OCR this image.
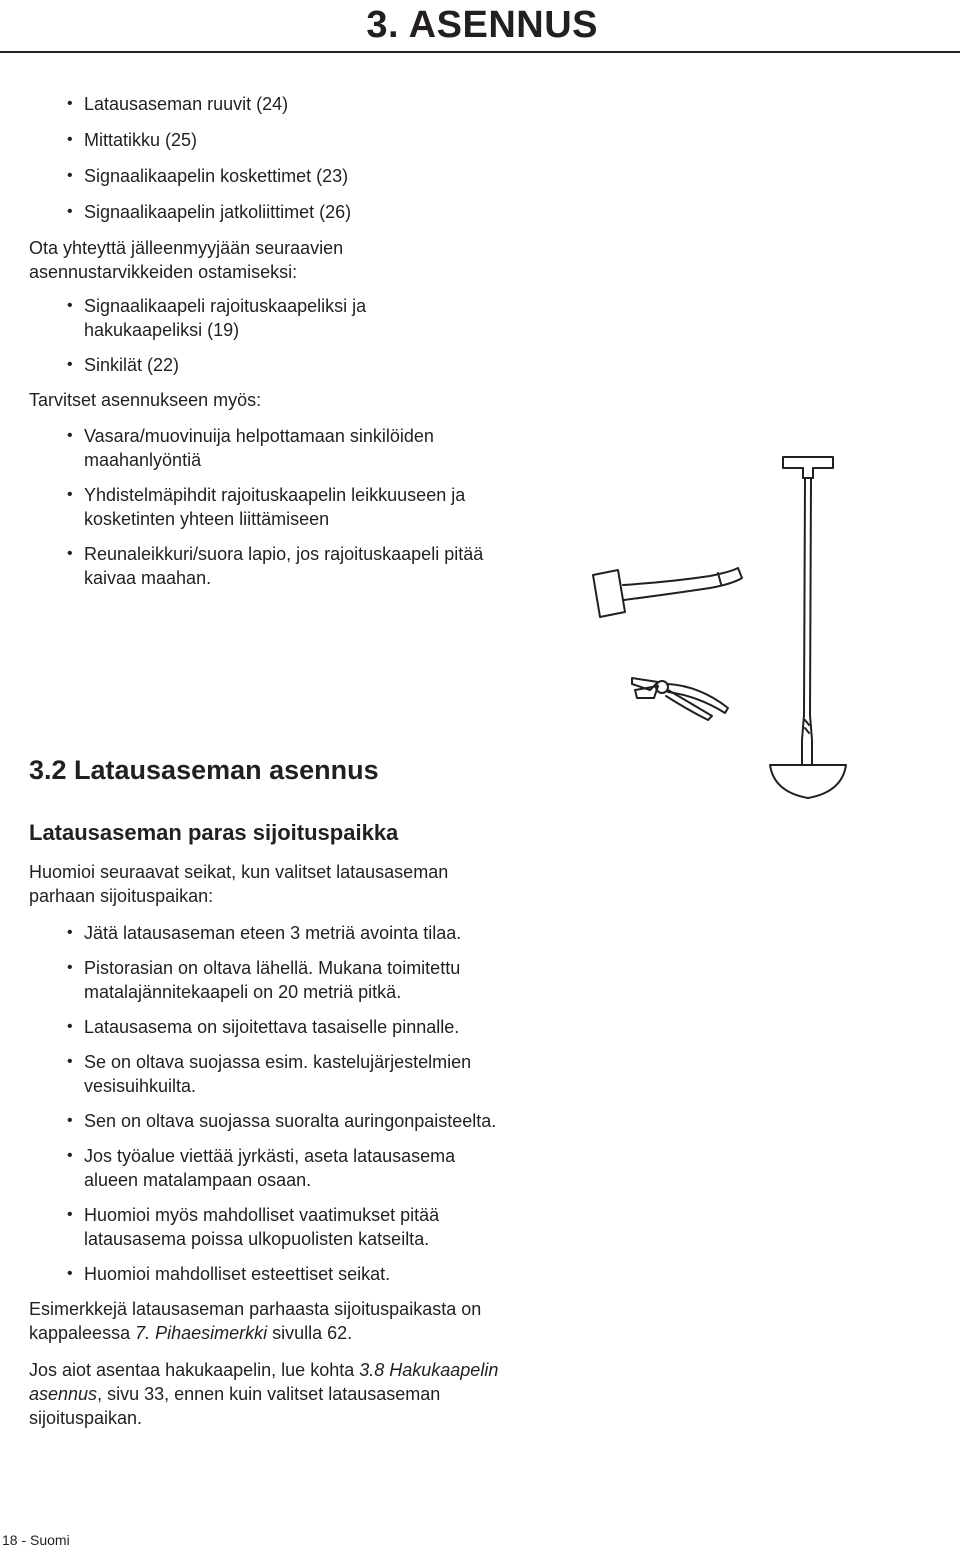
3. ASENNUS
• Latausaseman ruuvit (24)
• Mittatikku (25)
• Signaalikaapelin koskettimet (23)
• Signaalikaapelin jatkoliittimet (26)

Ota yhteyttä jälleenmyyjään seuraavien asennustarvikkeiden ostamiseksi:

• Signaalikaapeli rajoituskaapeliksi ja hakukaapeliksi (19)
• Sinkilät (22)

Tarvitset asennukseen myös:

• Vasara/muovinuija helpottamaan sinkilöiden maahanlyöntiä
• Yhdistelmäpihdit rajoituskaapelin leikkuuseen ja kosketinten yhteen liittämiseen
• Reunaleikkuri/suora lapio, jos rajoituskaapeli pitää kaivaa maahan.
3.2 Latausaseman asennus
Latausaseman paras sijoituspaikka

Huomioi seuraavat seikat, kun valitset latausaseman parhaan sijoituspaikan:

• Jätä latausaseman eteen 3 metriä avointa tilaa.
• Pistorasian on oltava lähellä. Mukana toimitettu matalajännitekaapeli on 20 metriä pitkä.
• Latausasema on sijoitettava tasaiselle pinnalle.
• Se on oltava suojassa esim. kastelujärjestelmien vesisuihkuilta.
• Sen on oltava suojassa suoralta auringonpaisteelta.
• Jos työalue viettää jyrkästi, aseta latausasema alueen matalampaan osaan.
• Huomioi myös mahdolliset vaatimukset pitää latausasema poissa ulkopuolisten katseilta.
• Huomioi mahdolliset esteettiset seikat.

Esimerkkejä latausaseman parhaasta sijoituspaikasta on kappaleessa 7. Pihaesimerkki sivulla 62.

Jos aiot asentaa hakukaapelin, lue kohta 3.8 Hakukaapelin asennus, sivu 33, ennen kuin valitset latausaseman sijoituspaikan.

18 - Suomi
